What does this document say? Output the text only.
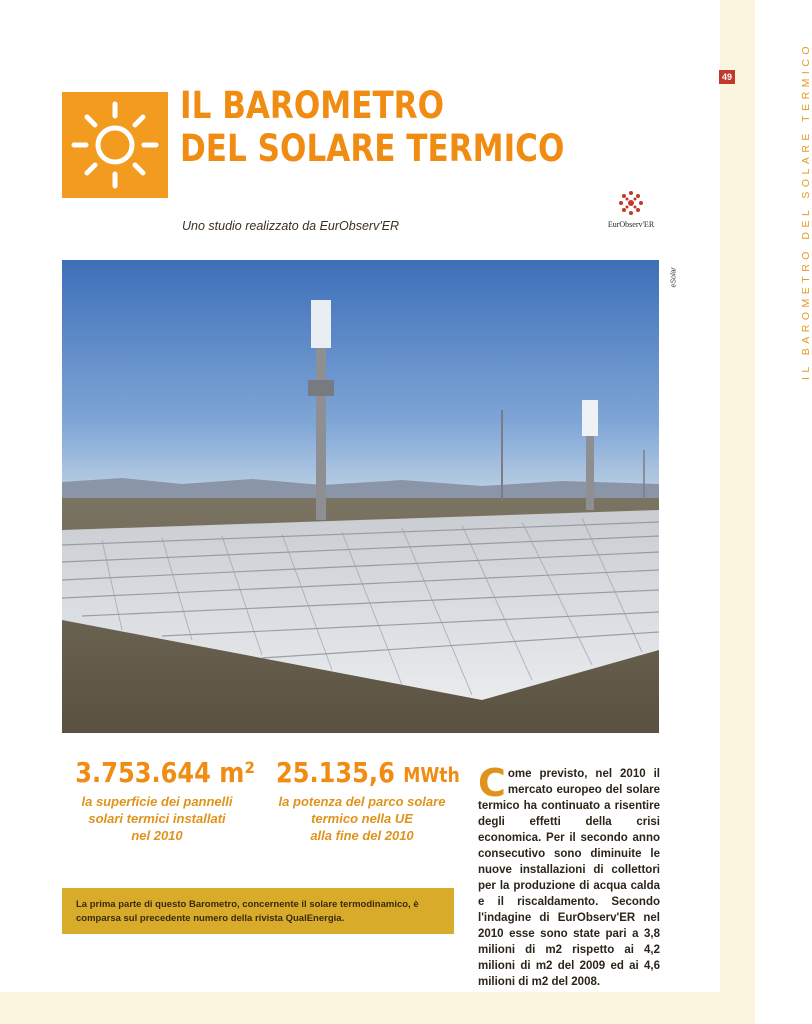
49	IL BAROMETRO DEL SOLARE TERMICO
IL BAROMETRO
DEL SOLARE TERMICO
Uno studio realizzato da EurObserv'ER	EurObserv'ER
eSolar
3.753.644 m²
la superficie dei pannelli
solari termici installati
nel 2010
25.135,6 MWth
la potenza del parco solare
termico nella UE
alla fine del 2010
Come previsto, nel 2010 il mercato europeo del solare termico ha continuato a risentire degli effetti della crisi economica. Per il secondo anno consecutivo sono diminuite le nuove installazioni di collettori per la produzione di acqua calda e il riscaldamento. Secondo l'indagine di EurObserv'ER nel 2010 esse sono state pari a 3,8 milioni di m2 rispetto ai 4,2 milioni di m2 del 2009 ed ai 4,6 milioni di m2 del 2008.
La prima parte di questo Barometro, concernente il solare termodinamico, è comparsa sul precedente numero della rivista QualEnergia.
